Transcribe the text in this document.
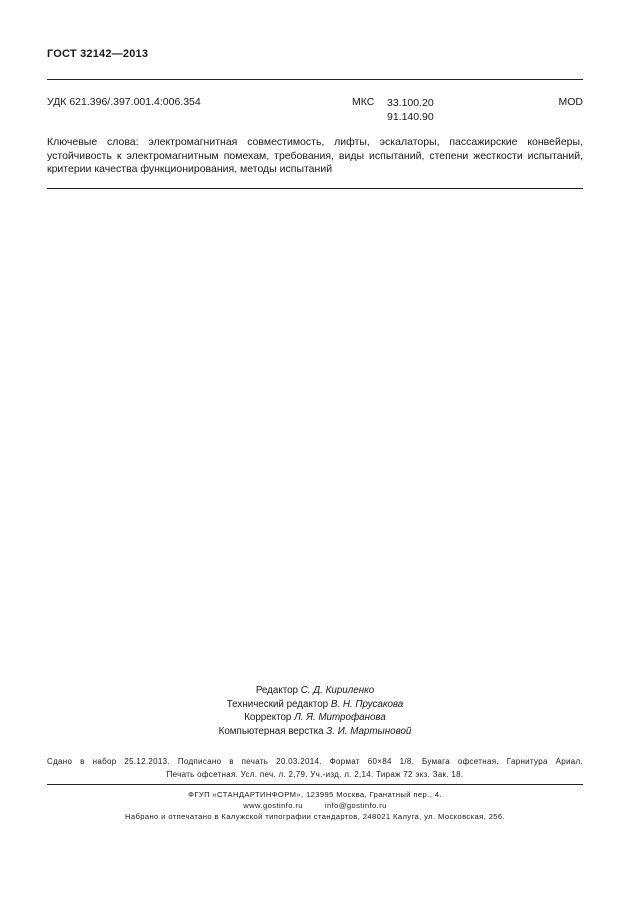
ГОСТ 32142—2013
УДК 621.396/.397.001.4:006.354	МКС 33.100.20
91.140.90
MOD
Ключевые слова: электромагнитная совместимость, лифты, эскалаторы, пассажирские конвейеры, устойчивость к электромагнитным помехам, требования, виды испытаний, степени жесткости испытаний, критерии качества функционирования, методы испытаний
Редактор С. Д. Кириленко
Технический редактор В. Н. Прусакова
Корректор Л. Я. Митрофанова
Компьютерная верстка З. И. Мартыновой
Сдано в набор 25.12.2013. Подписано в печать 20.03.2014. Формат 60×84 1/8. Бумага офсетная. Гарнитура Ариал.
Печать офсетная. Усл. печ. л. 2,79. Уч.-изд. л. 2,14. Тираж 72 экз. Зак. 18.
ФГУП «СТАНДАРТИНФОРМ», 123995 Москва, Гранатный пер., 4.
www.gostinfo.ru	info@gostinfo.ru
Набрано и отпечатано в Калужской типографии стандартов, 248021 Калуга, ул. Московская, 256.
